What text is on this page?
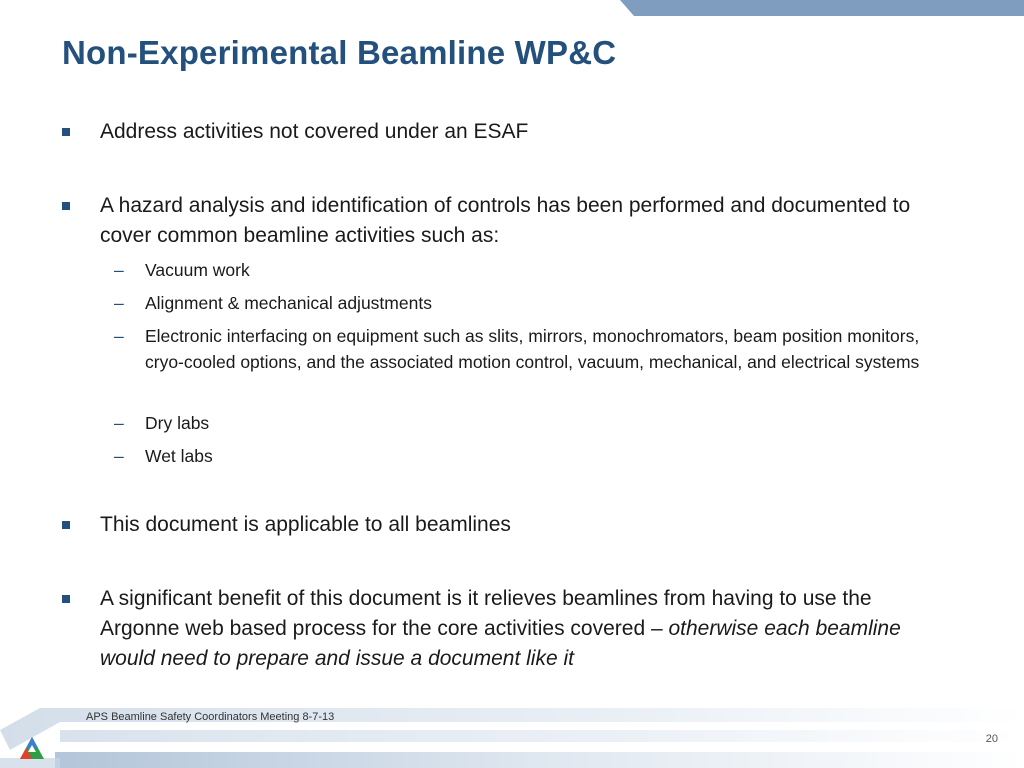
Non-Experimental Beamline WP&C
Address activities not covered under an ESAF
A hazard analysis and identification of controls has been performed and documented to cover common beamline activities such as:
– Vacuum work
– Alignment & mechanical adjustments
– Electronic interfacing on equipment such as slits, mirrors, monochromators, beam position monitors, cryo-cooled options, and the associated motion control, vacuum, mechanical, and electrical systems
– Dry labs
– Wet labs
This document is applicable to all beamlines
A significant benefit of this document is it relieves beamlines from having to use the Argonne web based process for the core activities covered – otherwise each beamline would need to prepare and issue a document like it
APS Beamline Safety Coordinators Meeting 8-7-13
20
